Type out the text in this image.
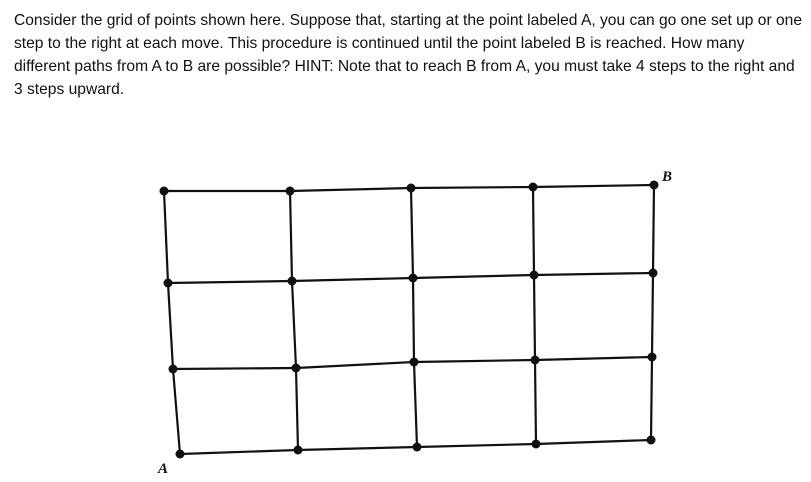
Consider the grid of points shown here. Suppose that, starting at the point labeled A, you can go one set up or one step to the right at each move. This procedure is continued until the point labeled B is reached. How many different paths from A to B are possible? HINT: Note that to reach B from A, you must take 4 steps to the right and 3 steps upward.

A
B
